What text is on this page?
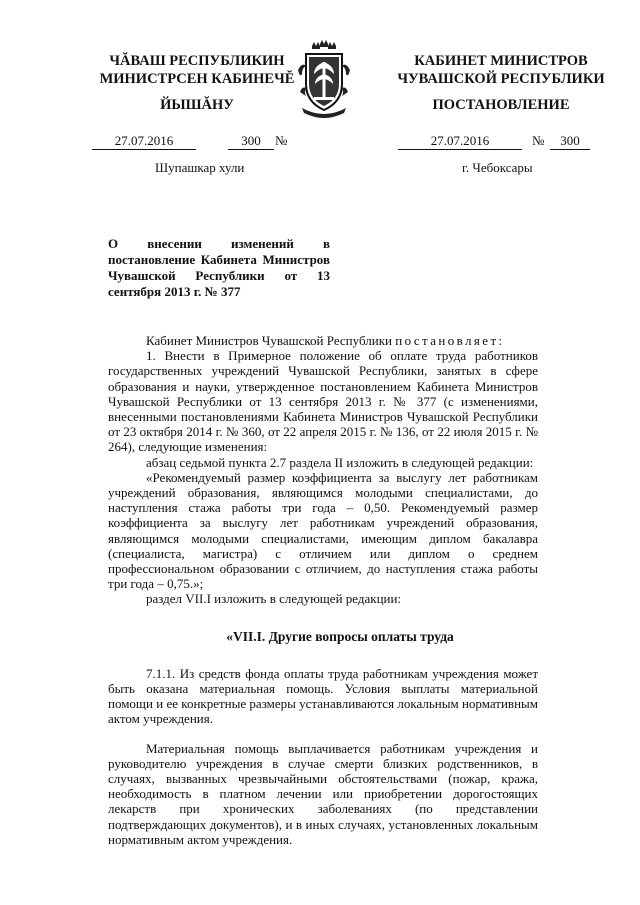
ЧĂВАШ РЕСПУБЛИКИН
МИНИСТРСЕН КАБИНЕЧĔ
ЙЫШĂНУ
КАБИНЕТ МИНИСТРОВ
ЧУВАШСКОЙ РЕСПУБЛИКИ
ПОСТАНОВЛЕНИЕ
27.07.2016	300	№	27.07.2016	№	300
Шупашкар хули	г. Чебоксары

О внесении изменений в постановление Кабинета Министров Чувашской Республики от 13 сентября 2013 г. № 377

Кабинет Министров Чувашской Республики постановляет:

1. Внести в Примерное положение об оплате труда работников государственных учреждений Чувашской Республики, занятых в сфере образования и науки, утвержденное постановлением Кабинета Министров Чувашской Республики от 13 сентября 2013 г. № 377 (с изменениями, внесенными постановлениями Кабинета Министров Чувашской Республики от 23 октября 2014 г. № 360, от 22 апреля 2015 г. № 136, от 22 июля 2015 г. № 264), следующие изменения:

абзац седьмой пункта 2.7 раздела II изложить в следующей редакции:

«Рекомендуемый размер коэффициента за выслугу лет работникам учреждений образования, являющимся молодыми специалистами, до наступления стажа работы три года – 0,50. Рекомендуемый размер коэффициента за выслугу лет работникам учреждений образования, являющимся молодыми специалистами, имеющим диплом бакалавра (специалиста, магистра) с отличием или диплом о среднем профессиональном образовании с отличием, до наступления стажа работы три года – 0,75.»;

раздел VII.I изложить в следующей редакции:

«VII.I. Другие вопросы оплаты труда

7.1.1. Из средств фонда оплаты труда работникам учреждения может быть оказана материальная помощь. Условия выплаты материальной помощи и ее конкретные размеры устанавливаются локальным нормативным актом учреждения.

Материальная помощь выплачивается работникам учреждения и руководителю учреждения в случае смерти близких родственников, в случаях, вызванных чрезвычайными обстоятельствами (пожар, кража, необходимость в платном лечении или приобретении дорогостоящих лекарств при хронических заболеваниях (по представлении подтверждающих документов), и в иных случаях, установленных локальным нормативным актом учреждения.
